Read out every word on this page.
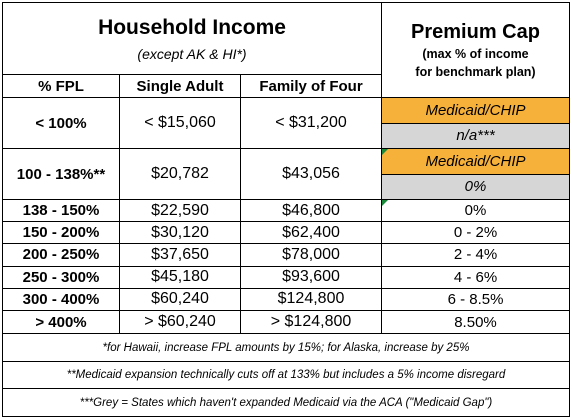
Household Income
(except AK & HI*)			Premium Cap
(max % of income
for benchmark plan)

% FPL	Single Adult	Family of Four	
< 100%	< $15,060	< $31,200	Medicaid/CHIP
			n/a***
100 - 138%**	$20,782	$43,056	Medicaid/CHIP
			0%
138 - 150%	$22,590	$46,800	0%
150 - 200%	$30,120	$62,400	0 - 2%
200 - 250%	$37,650	$78,000	2 - 4%
250 - 300%	$45,180	$93,600	4 - 6%
300 - 400%	$60,240	$124,800	6 - 8.5%
> 400%	> $60,240	> $124,800	8.50%
*for Hawaii, increase FPL amounts by 15%; for Alaska, increase by 25%			
**Medicaid expansion technically cuts off at 133% but includes a 5% income disregard			
***Grey = States which haven't expanded Medicaid via the ACA ("Medicaid Gap")			
